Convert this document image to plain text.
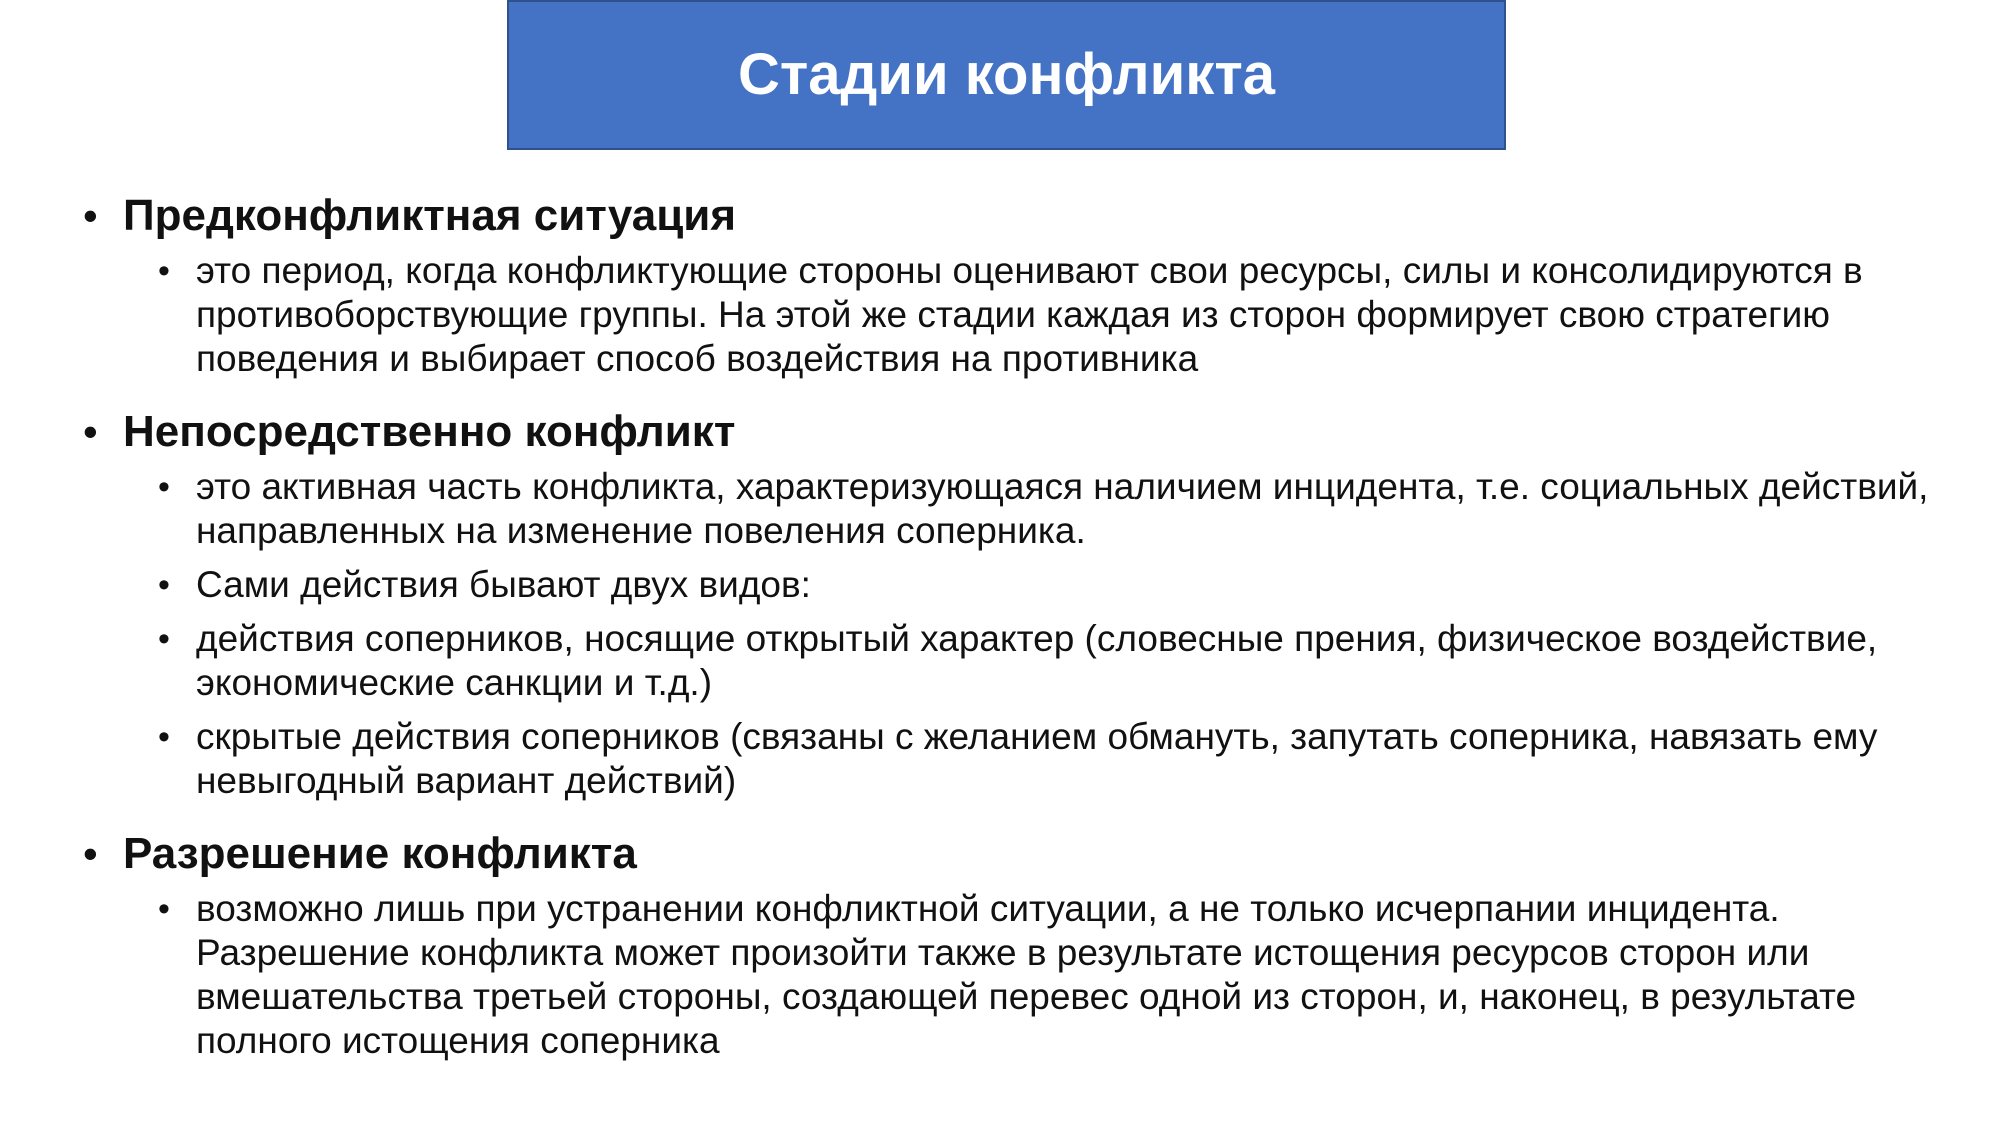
Стадии конфликта
• Предконфликтная ситуация
• это период, когда конфликтующие стороны оценивают свои ресурсы, силы и консолидируются в противоборствующие группы. На этой же стадии каждая из сторон формирует свою стратегию поведения и выбирает способ воздействия на противника
• Непосредственно конфликт
• это активная часть конфликта, характеризующаяся наличием инцидента, т.е. социальных действий, направленных на изменение повеления соперника.
• Сами действия бывают двух видов:
• действия соперников, носящие открытый характер (словесные прения, физическое воздействие, экономические санкции и т.д.)
• скрытые действия соперников (связаны с желанием обмануть, запутать соперника, навязать ему невыгодный вариант действий)
• Разрешение конфликта
• возможно лишь при устранении конфликтной ситуации, а не только исчерпании инцидента. Разрешение конфликта может произойти также в результате истощения ресурсов сторон или вмешательства третьей стороны, создающей перевес одной из сторон, и, наконец, в результате полного истощения соперника
